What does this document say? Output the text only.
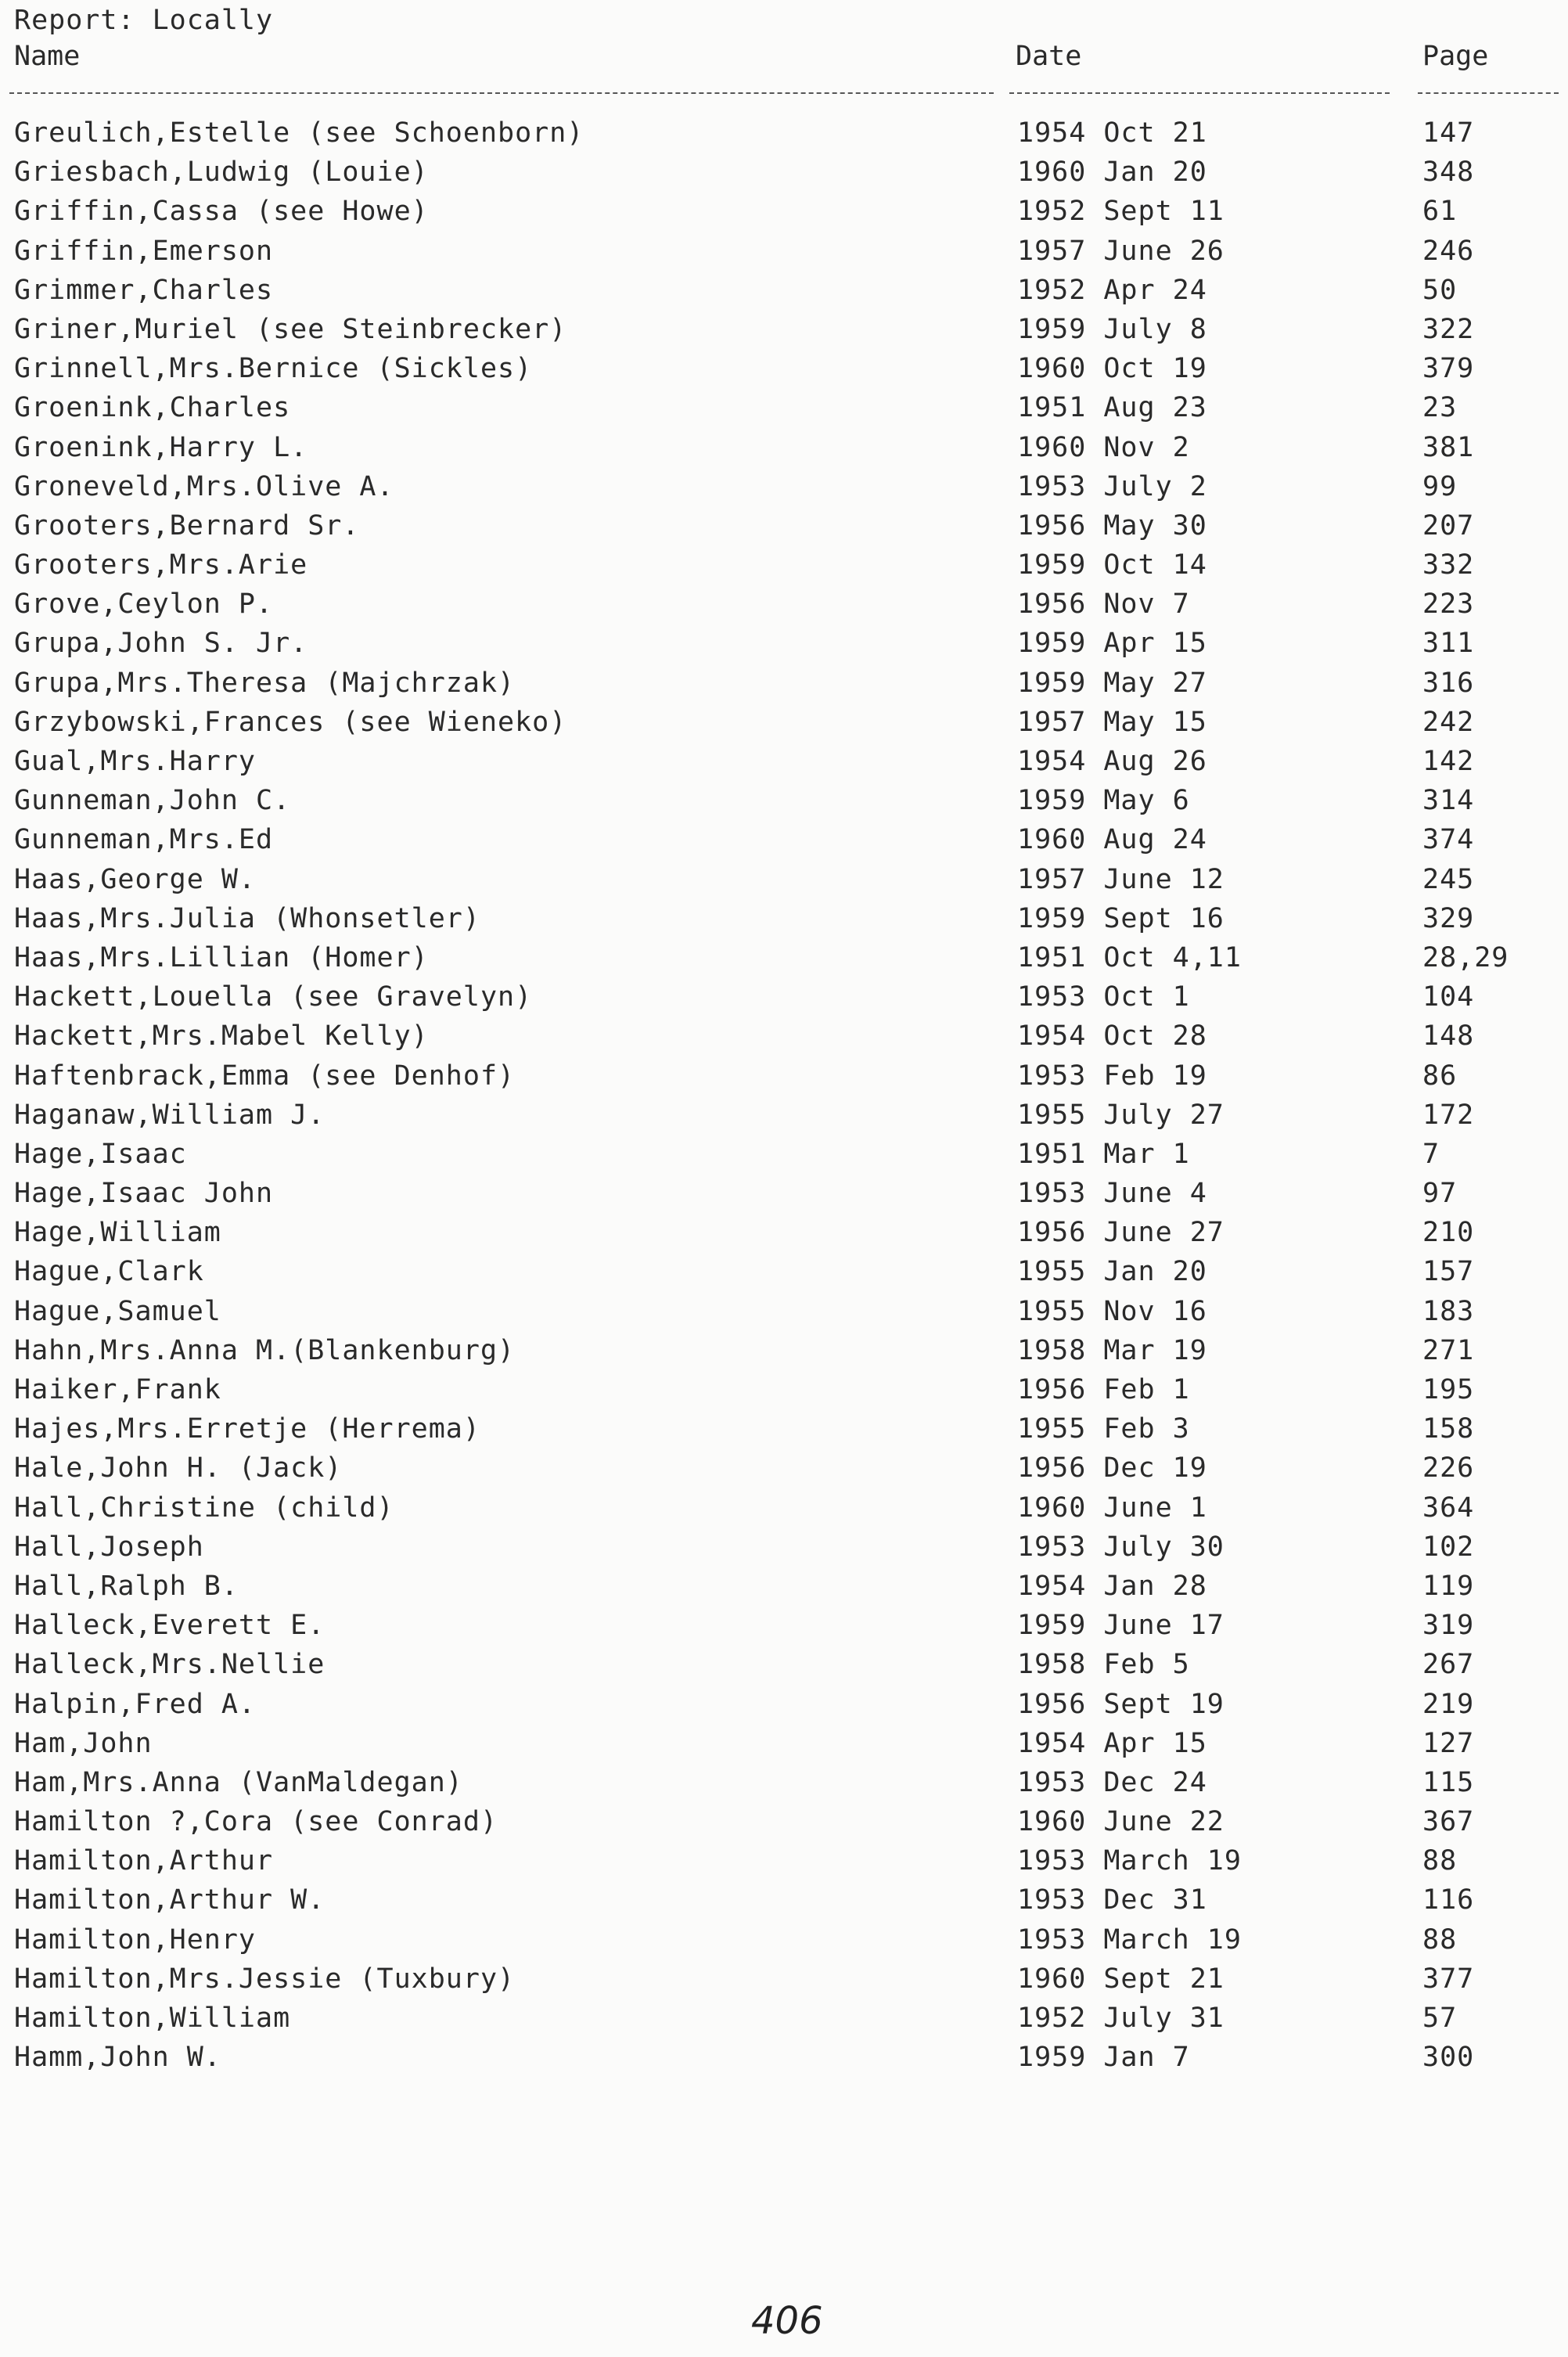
Report: Locally
Name	Date	Page
Greulich,Estelle (see Schoenborn)	1954 Oct 21	147
Griesbach,Ludwig (Louie)	1960 Jan 20	348
Griffin,Cassa (see Howe)	1952 Sept 11	61
Griffin,Emerson	1957 June 26	246
Grimmer,Charles	1952 Apr 24	50
Griner,Muriel (see Steinbrecker)	1959 July 8	322
Grinnell,Mrs.Bernice (Sickles)	1960 Oct 19	379
Groenink,Charles	1951 Aug 23	23
Groenink,Harry L.	1960 Nov 2	381
Groneveld,Mrs.Olive A.	1953 July 2	99
Grooters,Bernard Sr.	1956 May 30	207
Grooters,Mrs.Arie	1959 Oct 14	332
Grove,Ceylon P.	1956 Nov 7	223
Grupa,John S. Jr.	1959 Apr 15	311
Grupa,Mrs.Theresa (Majchrzak)	1959 May 27	316
Grzybowski,Frances (see Wieneko)	1957 May 15	242
Gual,Mrs.Harry	1954 Aug 26	142
Gunneman,John C.	1959 May 6	314
Gunneman,Mrs.Ed	1960 Aug 24	374
Haas,George W.	1957 June 12	245
Haas,Mrs.Julia (Whonsetler)	1959 Sept 16	329
Haas,Mrs.Lillian (Homer)	1951 Oct 4,11	28,29
Hackett,Louella (see Gravelyn)	1953 Oct 1	104
Hackett,Mrs.Mabel Kelly)	1954 Oct 28	148
Haftenbrack,Emma (see Denhof)	1953 Feb 19	86
Haganaw,William J.	1955 July 27	172
Hage,Isaac	1951 Mar 1	7
Hage,Isaac John	1953 June 4	97
Hage,William	1956 June 27	210
Hague,Clark	1955 Jan 20	157
Hague,Samuel	1955 Nov 16	183
Hahn,Mrs.Anna M.(Blankenburg)	1958 Mar 19	271
Haiker,Frank	1956 Feb 1	195
Hajes,Mrs.Erretje (Herrema)	1955 Feb 3	158
Hale,John H. (Jack)	1956 Dec 19	226
Hall,Christine (child)	1960 June 1	364
Hall,Joseph	1953 July 30	102
Hall,Ralph B.	1954 Jan 28	119
Halleck,Everett E.	1959 June 17	319
Halleck,Mrs.Nellie	1958 Feb 5	267
Halpin,Fred A.	1956 Sept 19	219
Ham,John	1954 Apr 15	127
Ham,Mrs.Anna (VanMaldegan)	1953 Dec 24	115
Hamilton ?,Cora (see Conrad)	1960 June 22	367
Hamilton,Arthur	1953 March 19	88
Hamilton,Arthur W.	1953 Dec 31	116
Hamilton,Henry	1953 March 19	88
Hamilton,Mrs.Jessie (Tuxbury)	1960 Sept 21	377
Hamilton,William	1952 July 31	57
Hamm,John W.	1959 Jan 7	300
406
